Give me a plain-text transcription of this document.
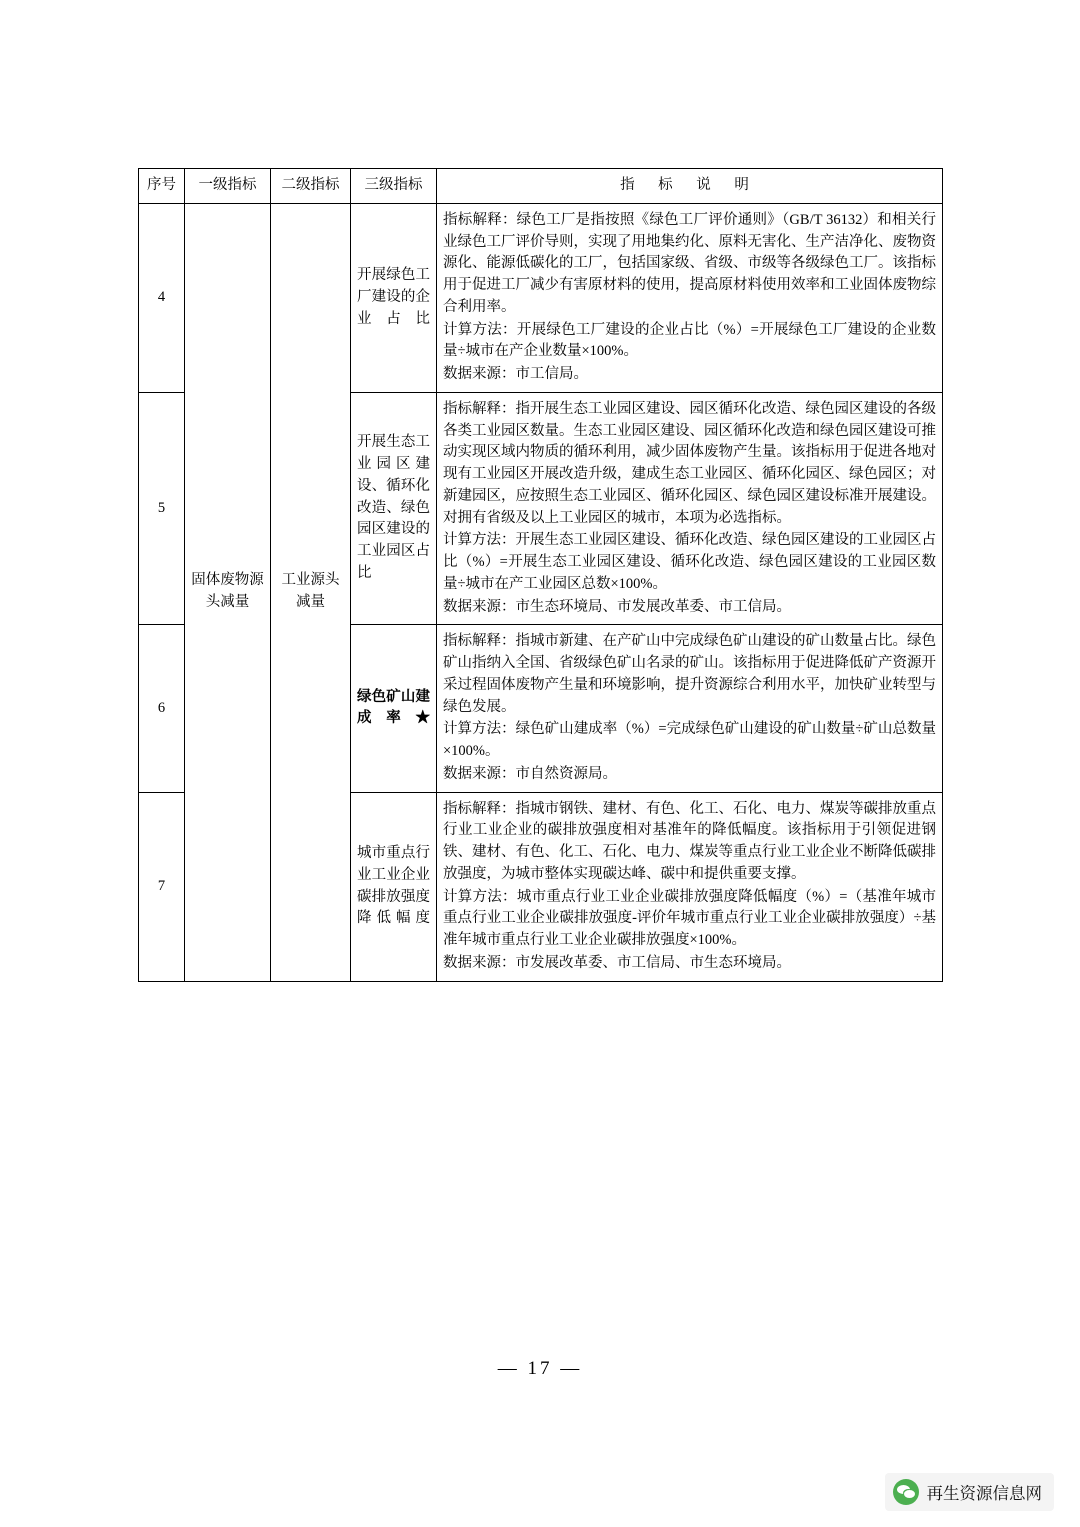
序号	一级指标	二级指标	三级指标	指 标 说 明
4	固体废物源头减量	工业源头减量	开展绿色工厂建设的企业占比	指标解释：绿色工厂是指按照《绿色工厂评价通则》（GB/T 36132）和相关行业绿色工厂评价导则，实现了用地集约化、原料无害化、生产洁净化、废物资源化、能源低碳化的工厂，包括国家级、省级、市级等各级绿色工厂。该指标用于促进工厂减少有害原材料的使用，提高原材料使用效率和工业固体废物综合利用率。

计算方法：开展绿色工厂建设的企业占比（%）=开展绿色工厂建设的企业数量÷城市在产企业数量×100%。

数据来源：市工信局。

5			开展生态工业园区建设、循环化改造、绿色园区建设的工业园区占比	指标解释：指开展生态工业园区建设、园区循环化改造、绿色园区建设的各级各类工业园区数量。生态工业园区建设、园区循环化改造和绿色园区建设可推动实现区域内物质的循环利用，减少固体废物产生量。该指标用于促进各地对现有工业园区开展改造升级，建成生态工业园区、循环化园区、绿色园区；对新建园区，应按照生态工业园区、循环化园区、绿色园区建设标准开展建设。对拥有省级及以上工业园区的城市，本项为必选指标。

计算方法：开展生态工业园区建设、循环化改造、绿色园区建设的工业园区占比（%）=开展生态工业园区建设、循环化改造、绿色园区建设的工业园区数量÷城市在产工业园区总数×100%。

数据来源：市生态环境局、市发展改革委、市工信局。

6			绿色矿山建成率★	指标解释：指城市新建、在产矿山中完成绿色矿山建设的矿山数量占比。绿色矿山指纳入全国、省级绿色矿山名录的矿山。该指标用于促进降低矿产资源开采过程固体废物产生量和环境影响，提升资源综合利用水平，加快矿业转型与绿色发展。

计算方法：绿色矿山建成率（%）=完成绿色矿山建设的矿山数量÷矿山总数量×100%。

数据来源：市自然资源局。

7			城市重点行业工业企业碳排放强度降低幅度	指标解释：指城市钢铁、建材、有色、化工、石化、电力、煤炭等碳排放重点行业工业企业的碳排放强度相对基准年的降低幅度。该指标用于引领促进钢铁、建材、有色、化工、石化、电力、煤炭等重点行业工业企业不断降低碳排放强度，为城市整体实现碳达峰、碳中和提供重要支撑。

计算方法：城市重点行业工业企业碳排放强度降低幅度（%）=（基准年城市重点行业工业企业碳排放强度-评价年城市重点行业工业企业碳排放强度）÷基准年城市重点行业工业企业碳排放强度×100%。

数据来源：市发展改革委、市工信局、市生态环境局。

— 17 —
再生资源信息网
